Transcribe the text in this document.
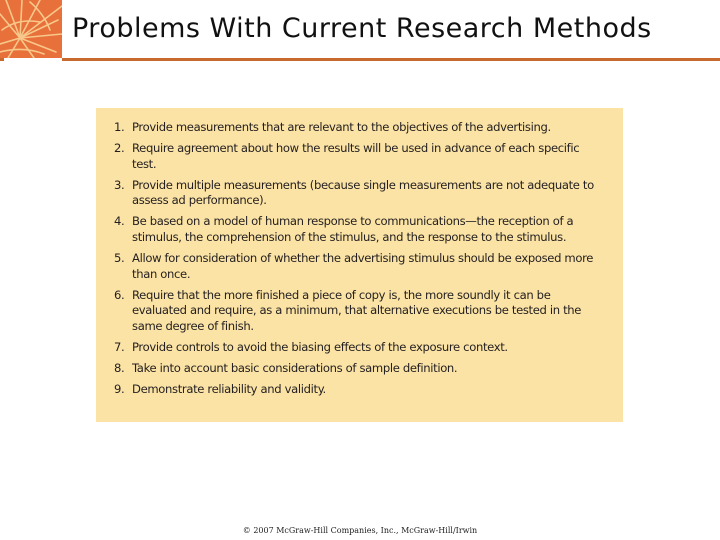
Problems With Current Research Methods
1. Provide measurements that are relevant to the objectives of the advertising.
2. Require agreement about how the results will be used in advance of each specific test.
3. Provide multiple measurements (because single measurements are not adequate to assess ad performance).
4. Be based on a model of human response to communications—the reception of a stimulus, the comprehension of the stimulus, and the response to the stimulus.
5. Allow for consideration of whether the advertising stimulus should be exposed more than once.
6. Require that the more finished a piece of copy is, the more soundly it can be evaluated and require, as a minimum, that alternative executions be tested in the same degree of finish.
7. Provide controls to avoid the biasing effects of the exposure context.
8. Take into account basic considerations of sample definition.
9. Demonstrate reliability and validity.
© 2007 McGraw-Hill Companies, Inc., McGraw-Hill/Irwin
